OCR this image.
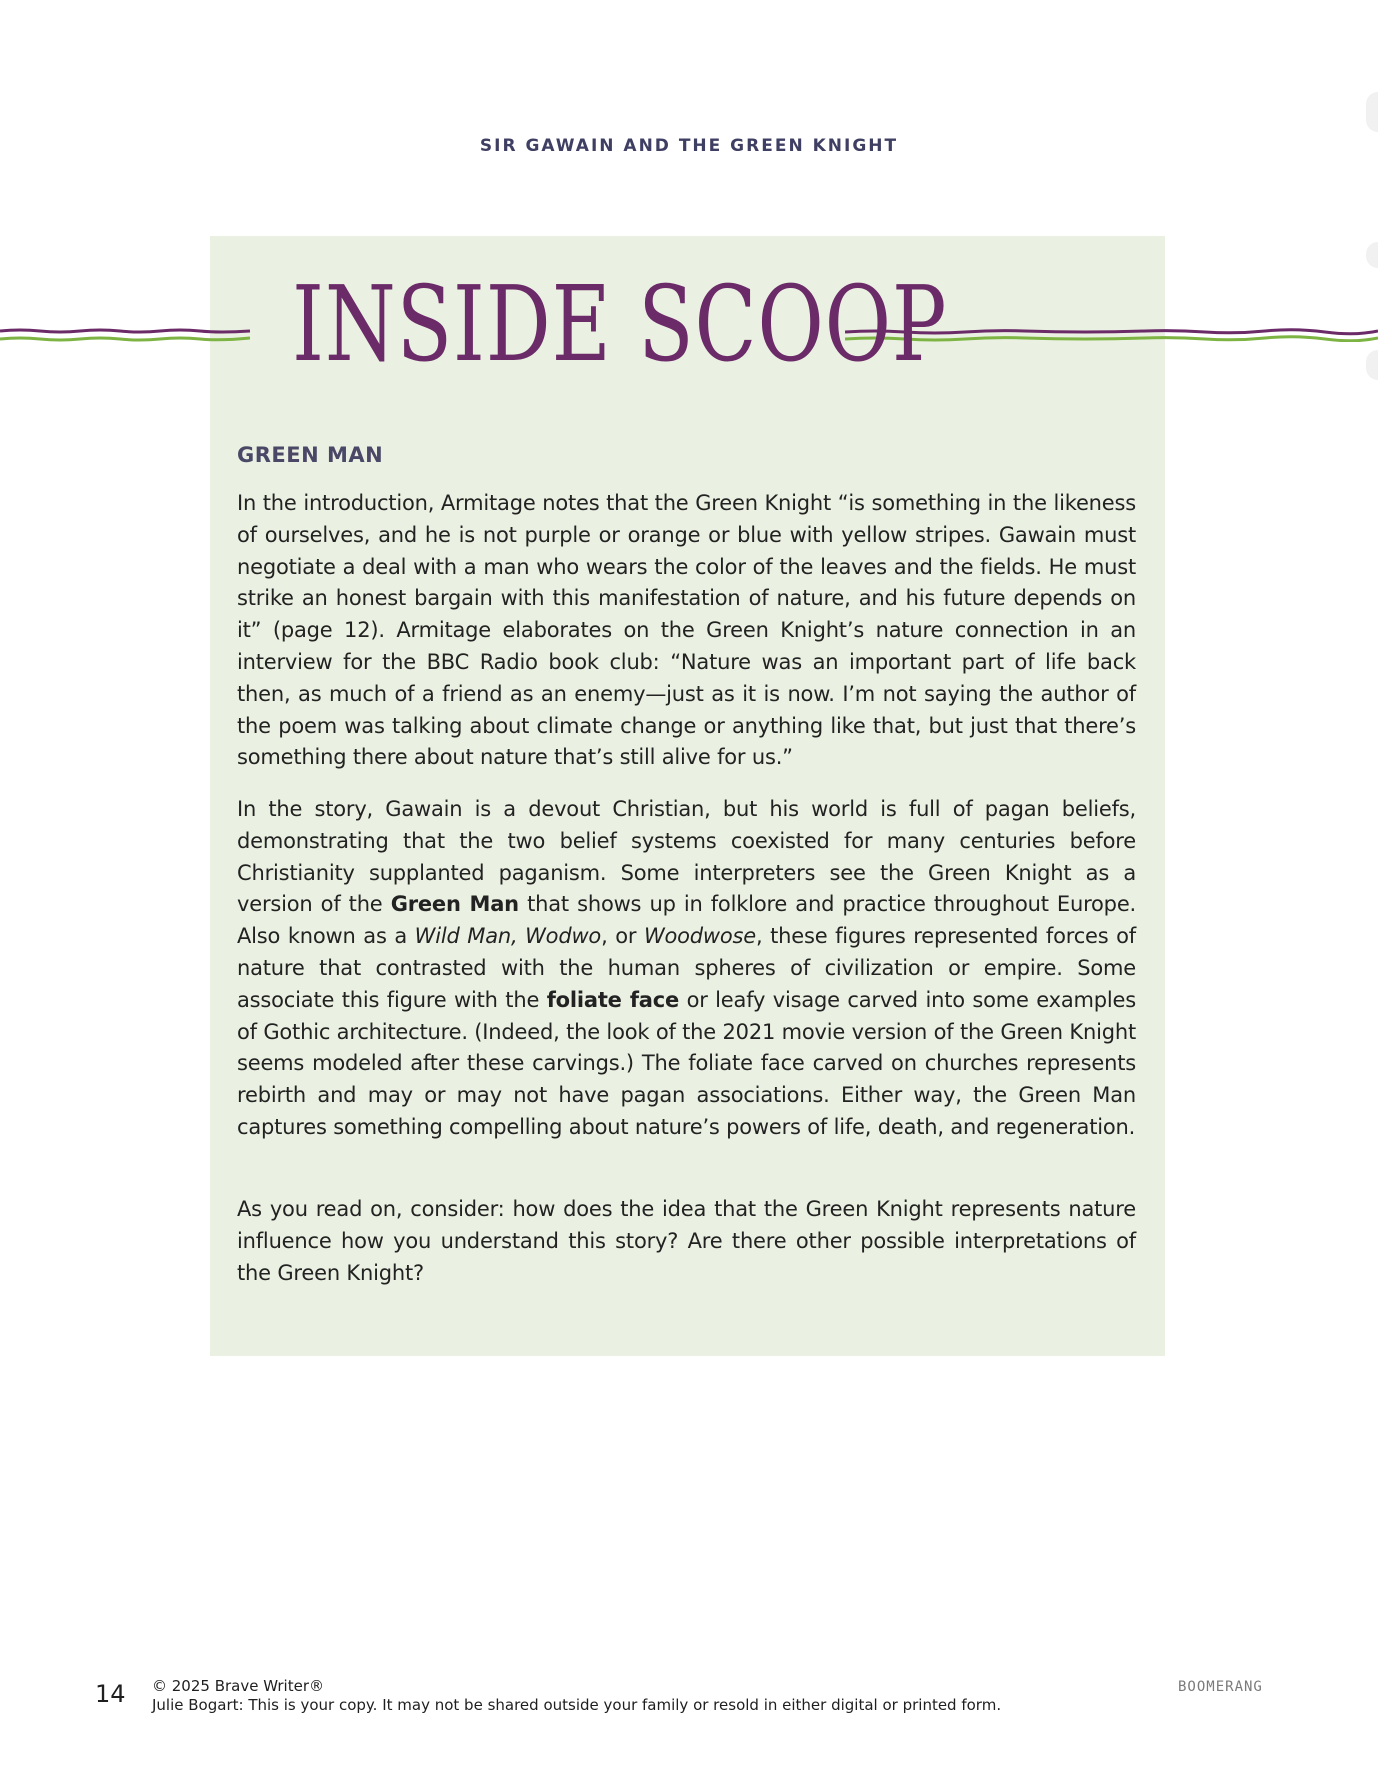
SIR GAWAIN AND THE GREEN KNIGHT
INSIDE SCOOP
GREEN MAN

In the introduction, Armitage notes that the Green Knight “is something in the likeness of ourselves, and he is not purple or orange or blue with yellow stripes. Gawain must negotiate a deal with a man who wears the color of the leaves and the fields. He must strike an honest bargain with this manifestation of nature, and his future depends on it” (page 12). Armitage elaborates on the Green Knight’s nature connection in an interview for the BBC Radio book club: “Nature was an important part of life back then, as much of a friend as an enemy—just as it is now. I’m not saying the author of the poem was talking about climate change or anything like that, but just that there’s something there about nature that’s still alive for us.”

In the story, Gawain is a devout Christian, but his world is full of pagan beliefs, demonstrating that the two belief systems coexisted for many centuries before Christianity supplanted paganism. Some interpreters see the Green Knight as a version of the Green Man that shows up in folklore and practice throughout Europe. Also known as a Wild Man, Wodwo, or Woodwose, these figures represented forces of nature that contrasted with the human spheres of civilization or empire. Some associate this figure with the foliate face or leafy visage carved into some examples of Gothic architecture. (Indeed, the look of the 2021 movie version of the Green Knight seems modeled after these carvings.) The foliate face carved on churches represents rebirth and may or may not have pagan associations. Either way, the Green Man captures something compelling about nature’s powers of life, death, and regeneration.

As you read on, consider: how does the idea that the Green Knight represents nature influence how you understand this story? Are there other possible interpretations of the Green Knight?

14 © 2025 Brave Writer®
Julie Bogart: This is your copy. It may not be shared outside your family or resold in either digital or printed form.
BOOMERANG
